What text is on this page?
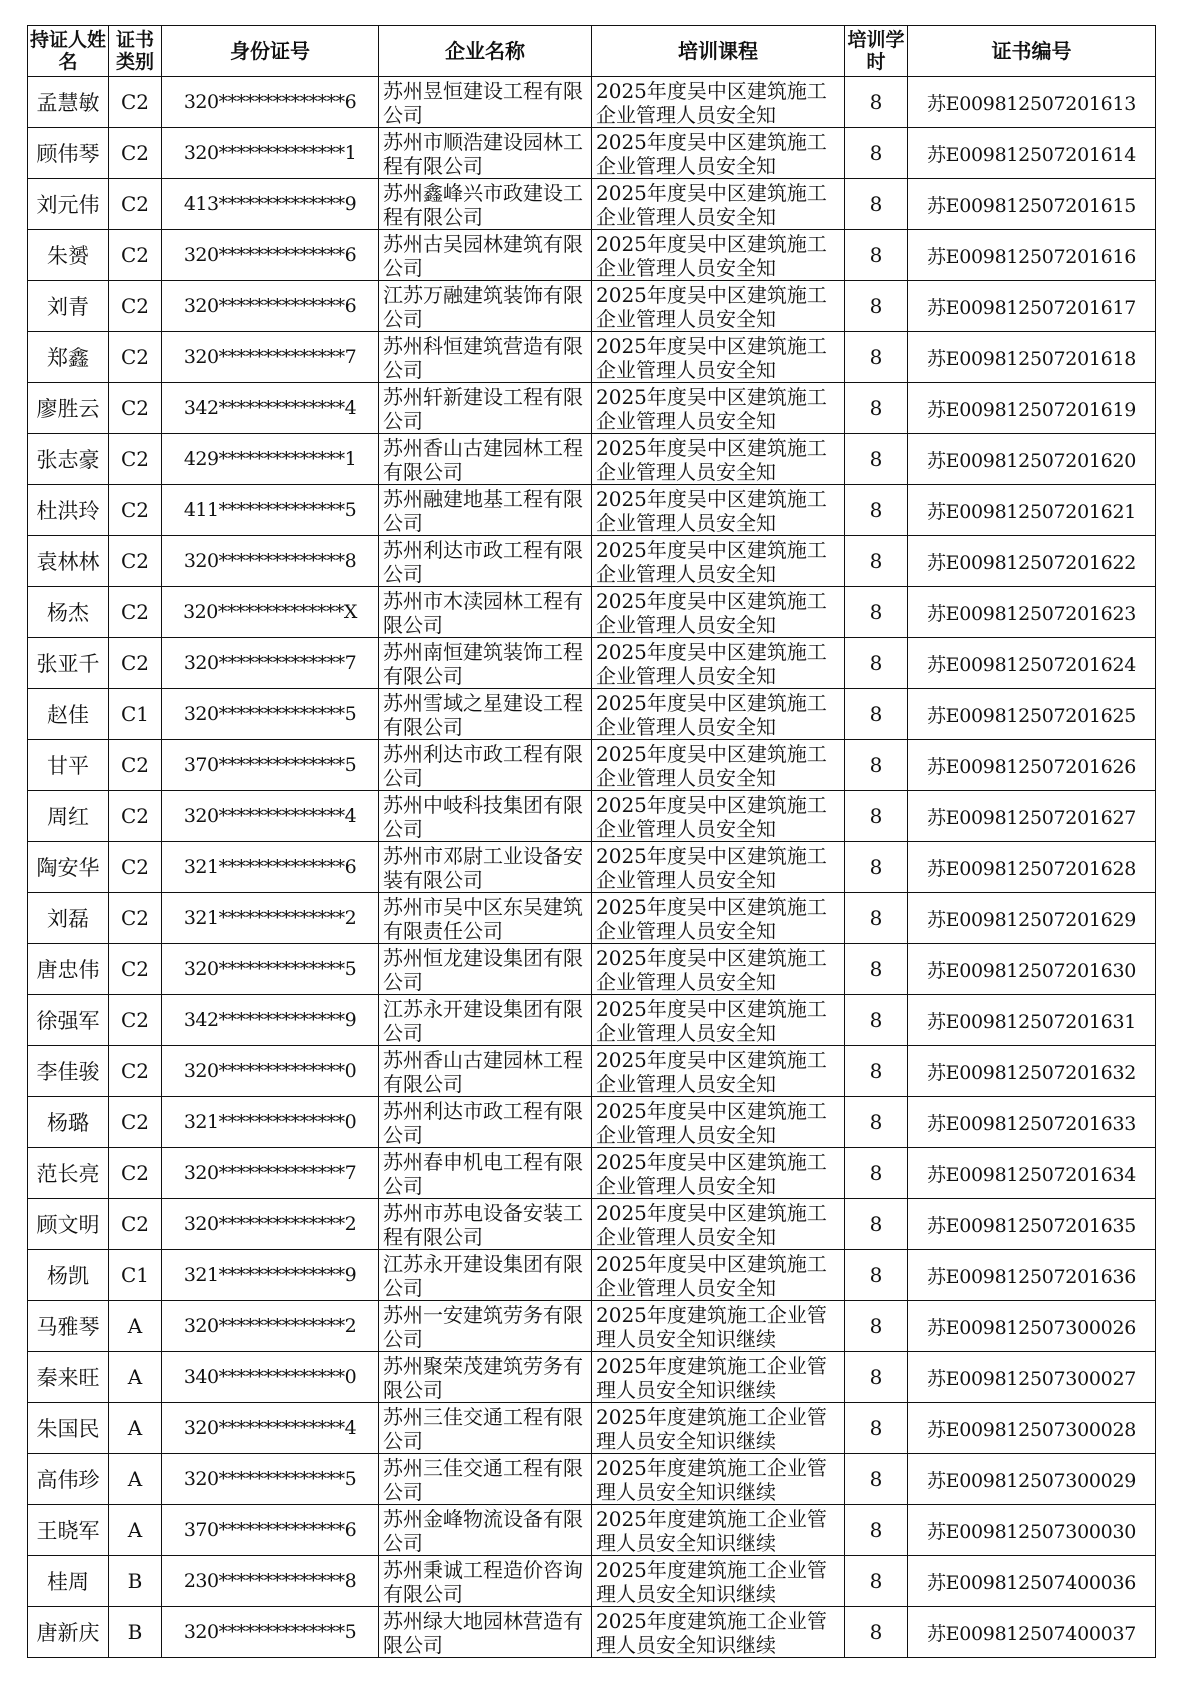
持证人姓名	证书类别	身份证号	企业名称	培训课程	培训学时	证书编号
孟慧敏	C2	320**************6	苏州昱恒建设工程有限公司	2025年度吴中区建筑施工企业管理人员安全知	8	苏E009812507201613
顾伟琴	C2	320**************1	苏州市顺浩建设园林工程有限公司	2025年度吴中区建筑施工企业管理人员安全知	8	苏E009812507201614
刘元伟	C2	413**************9	苏州鑫峰兴市政建设工程有限公司	2025年度吴中区建筑施工企业管理人员安全知	8	苏E009812507201615
朱赟	C2	320**************6	苏州古吴园林建筑有限公司	2025年度吴中区建筑施工企业管理人员安全知	8	苏E009812507201616
刘青	C2	320**************6	江苏万融建筑装饰有限公司	2025年度吴中区建筑施工企业管理人员安全知	8	苏E009812507201617
郑鑫	C2	320**************7	苏州科恒建筑营造有限公司	2025年度吴中区建筑施工企业管理人员安全知	8	苏E009812507201618
廖胜云	C2	342**************4	苏州轩新建设工程有限公司	2025年度吴中区建筑施工企业管理人员安全知	8	苏E009812507201619
张志豪	C2	429**************1	苏州香山古建园林工程有限公司	2025年度吴中区建筑施工企业管理人员安全知	8	苏E009812507201620
杜洪玲	C2	411**************5	苏州融建地基工程有限公司	2025年度吴中区建筑施工企业管理人员安全知	8	苏E009812507201621
袁林林	C2	320**************8	苏州利达市政工程有限公司	2025年度吴中区建筑施工企业管理人员安全知	8	苏E009812507201622
杨杰	C2	320**************X	苏州市木渎园林工程有限公司	2025年度吴中区建筑施工企业管理人员安全知	8	苏E009812507201623
张亚千	C2	320**************7	苏州南恒建筑装饰工程有限公司	2025年度吴中区建筑施工企业管理人员安全知	8	苏E009812507201624
赵佳	C1	320**************5	苏州雪域之星建设工程有限公司	2025年度吴中区建筑施工企业管理人员安全知	8	苏E009812507201625
甘平	C2	370**************5	苏州利达市政工程有限公司	2025年度吴中区建筑施工企业管理人员安全知	8	苏E009812507201626
周红	C2	320**************4	苏州中岐科技集团有限公司	2025年度吴中区建筑施工企业管理人员安全知	8	苏E009812507201627
陶安华	C2	321**************6	苏州市邓尉工业设备安装有限公司	2025年度吴中区建筑施工企业管理人员安全知	8	苏E009812507201628
刘磊	C2	321**************2	苏州市吴中区东吴建筑有限责任公司	2025年度吴中区建筑施工企业管理人员安全知	8	苏E009812507201629
唐忠伟	C2	320**************5	苏州恒龙建设集团有限公司	2025年度吴中区建筑施工企业管理人员安全知	8	苏E009812507201630
徐强军	C2	342**************9	江苏永开建设集团有限公司	2025年度吴中区建筑施工企业管理人员安全知	8	苏E009812507201631
李佳骏	C2	320**************0	苏州香山古建园林工程有限公司	2025年度吴中区建筑施工企业管理人员安全知	8	苏E009812507201632
杨璐	C2	321**************0	苏州利达市政工程有限公司	2025年度吴中区建筑施工企业管理人员安全知	8	苏E009812507201633
范长亮	C2	320**************7	苏州春申机电工程有限公司	2025年度吴中区建筑施工企业管理人员安全知	8	苏E009812507201634
顾文明	C2	320**************2	苏州市苏电设备安装工程有限公司	2025年度吴中区建筑施工企业管理人员安全知	8	苏E009812507201635
杨凯	C1	321**************9	江苏永开建设集团有限公司	2025年度吴中区建筑施工企业管理人员安全知	8	苏E009812507201636
马雅琴	A	320**************2	苏州一安建筑劳务有限公司	2025年度建筑施工企业管理人员安全知识继续	8	苏E009812507300026
秦来旺	A	340**************0	苏州聚荣茂建筑劳务有限公司	2025年度建筑施工企业管理人员安全知识继续	8	苏E009812507300027
朱国民	A	320**************4	苏州三佳交通工程有限公司	2025年度建筑施工企业管理人员安全知识继续	8	苏E009812507300028
高伟珍	A	320**************5	苏州三佳交通工程有限公司	2025年度建筑施工企业管理人员安全知识继续	8	苏E009812507300029
王晓军	A	370**************6	苏州金峰物流设备有限公司	2025年度建筑施工企业管理人员安全知识继续	8	苏E009812507300030
桂周	B	230**************8	苏州秉诚工程造价咨询有限公司	2025年度建筑施工企业管理人员安全知识继续	8	苏E009812507400036
唐新庆	B	320**************5	苏州绿大地园林营造有限公司	2025年度建筑施工企业管理人员安全知识继续	8	苏E009812507400037
